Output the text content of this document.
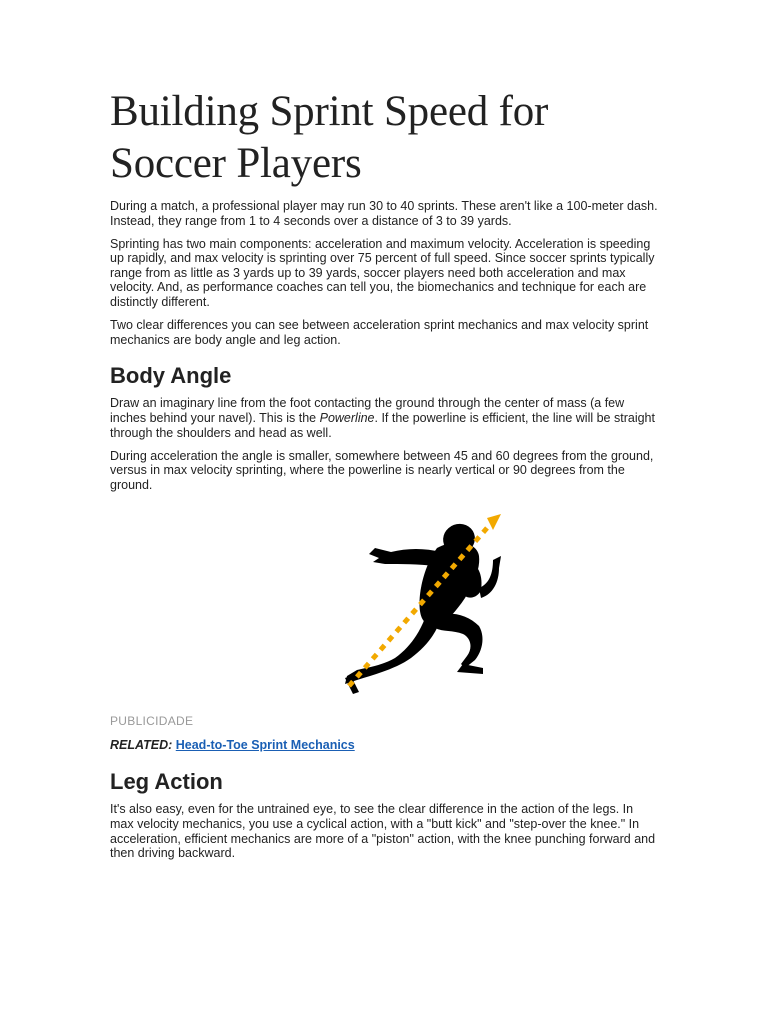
Building Sprint Speed for Soccer Players

During a match, a professional player may run 30 to 40 sprints. These aren't like a 100-meter dash. Instead, they range from 1 to 4 seconds over a distance of 3 to 39 yards.

Sprinting has two main components: acceleration and maximum velocity. Acceleration is speeding up rapidly, and max velocity is sprinting over 75 percent of full speed. Since soccer sprints typically range from as little as 3 yards up to 39 yards, soccer players need both acceleration and max velocity. And, as performance coaches can tell you, the biomechanics and technique for each are distinctly different.

Two clear differences you can see between acceleration sprint mechanics and max velocity sprint mechanics are body angle and leg action.

Body Angle

Draw an imaginary line from the foot contacting the ground through the center of mass (a few inches behind your navel). This is the Powerline. If the powerline is efficient, the line will be straight through the shoulders and head as well.

During acceleration the angle is smaller, somewhere between 45 and 60 degrees from the ground, versus in max velocity sprinting, where the powerline is nearly vertical or 90 degrees from the ground.

PUBLICIDADE

RELATED: Head-to-Toe Sprint Mechanics

Leg Action

It's also easy, even for the untrained eye, to see the clear difference in the action of the legs. In max velocity mechanics, you use a cyclical action, with a "butt kick" and "step-over the knee." In acceleration, efficient mechanics are more of a "piston" action, with the knee punching forward and then driving backward.
